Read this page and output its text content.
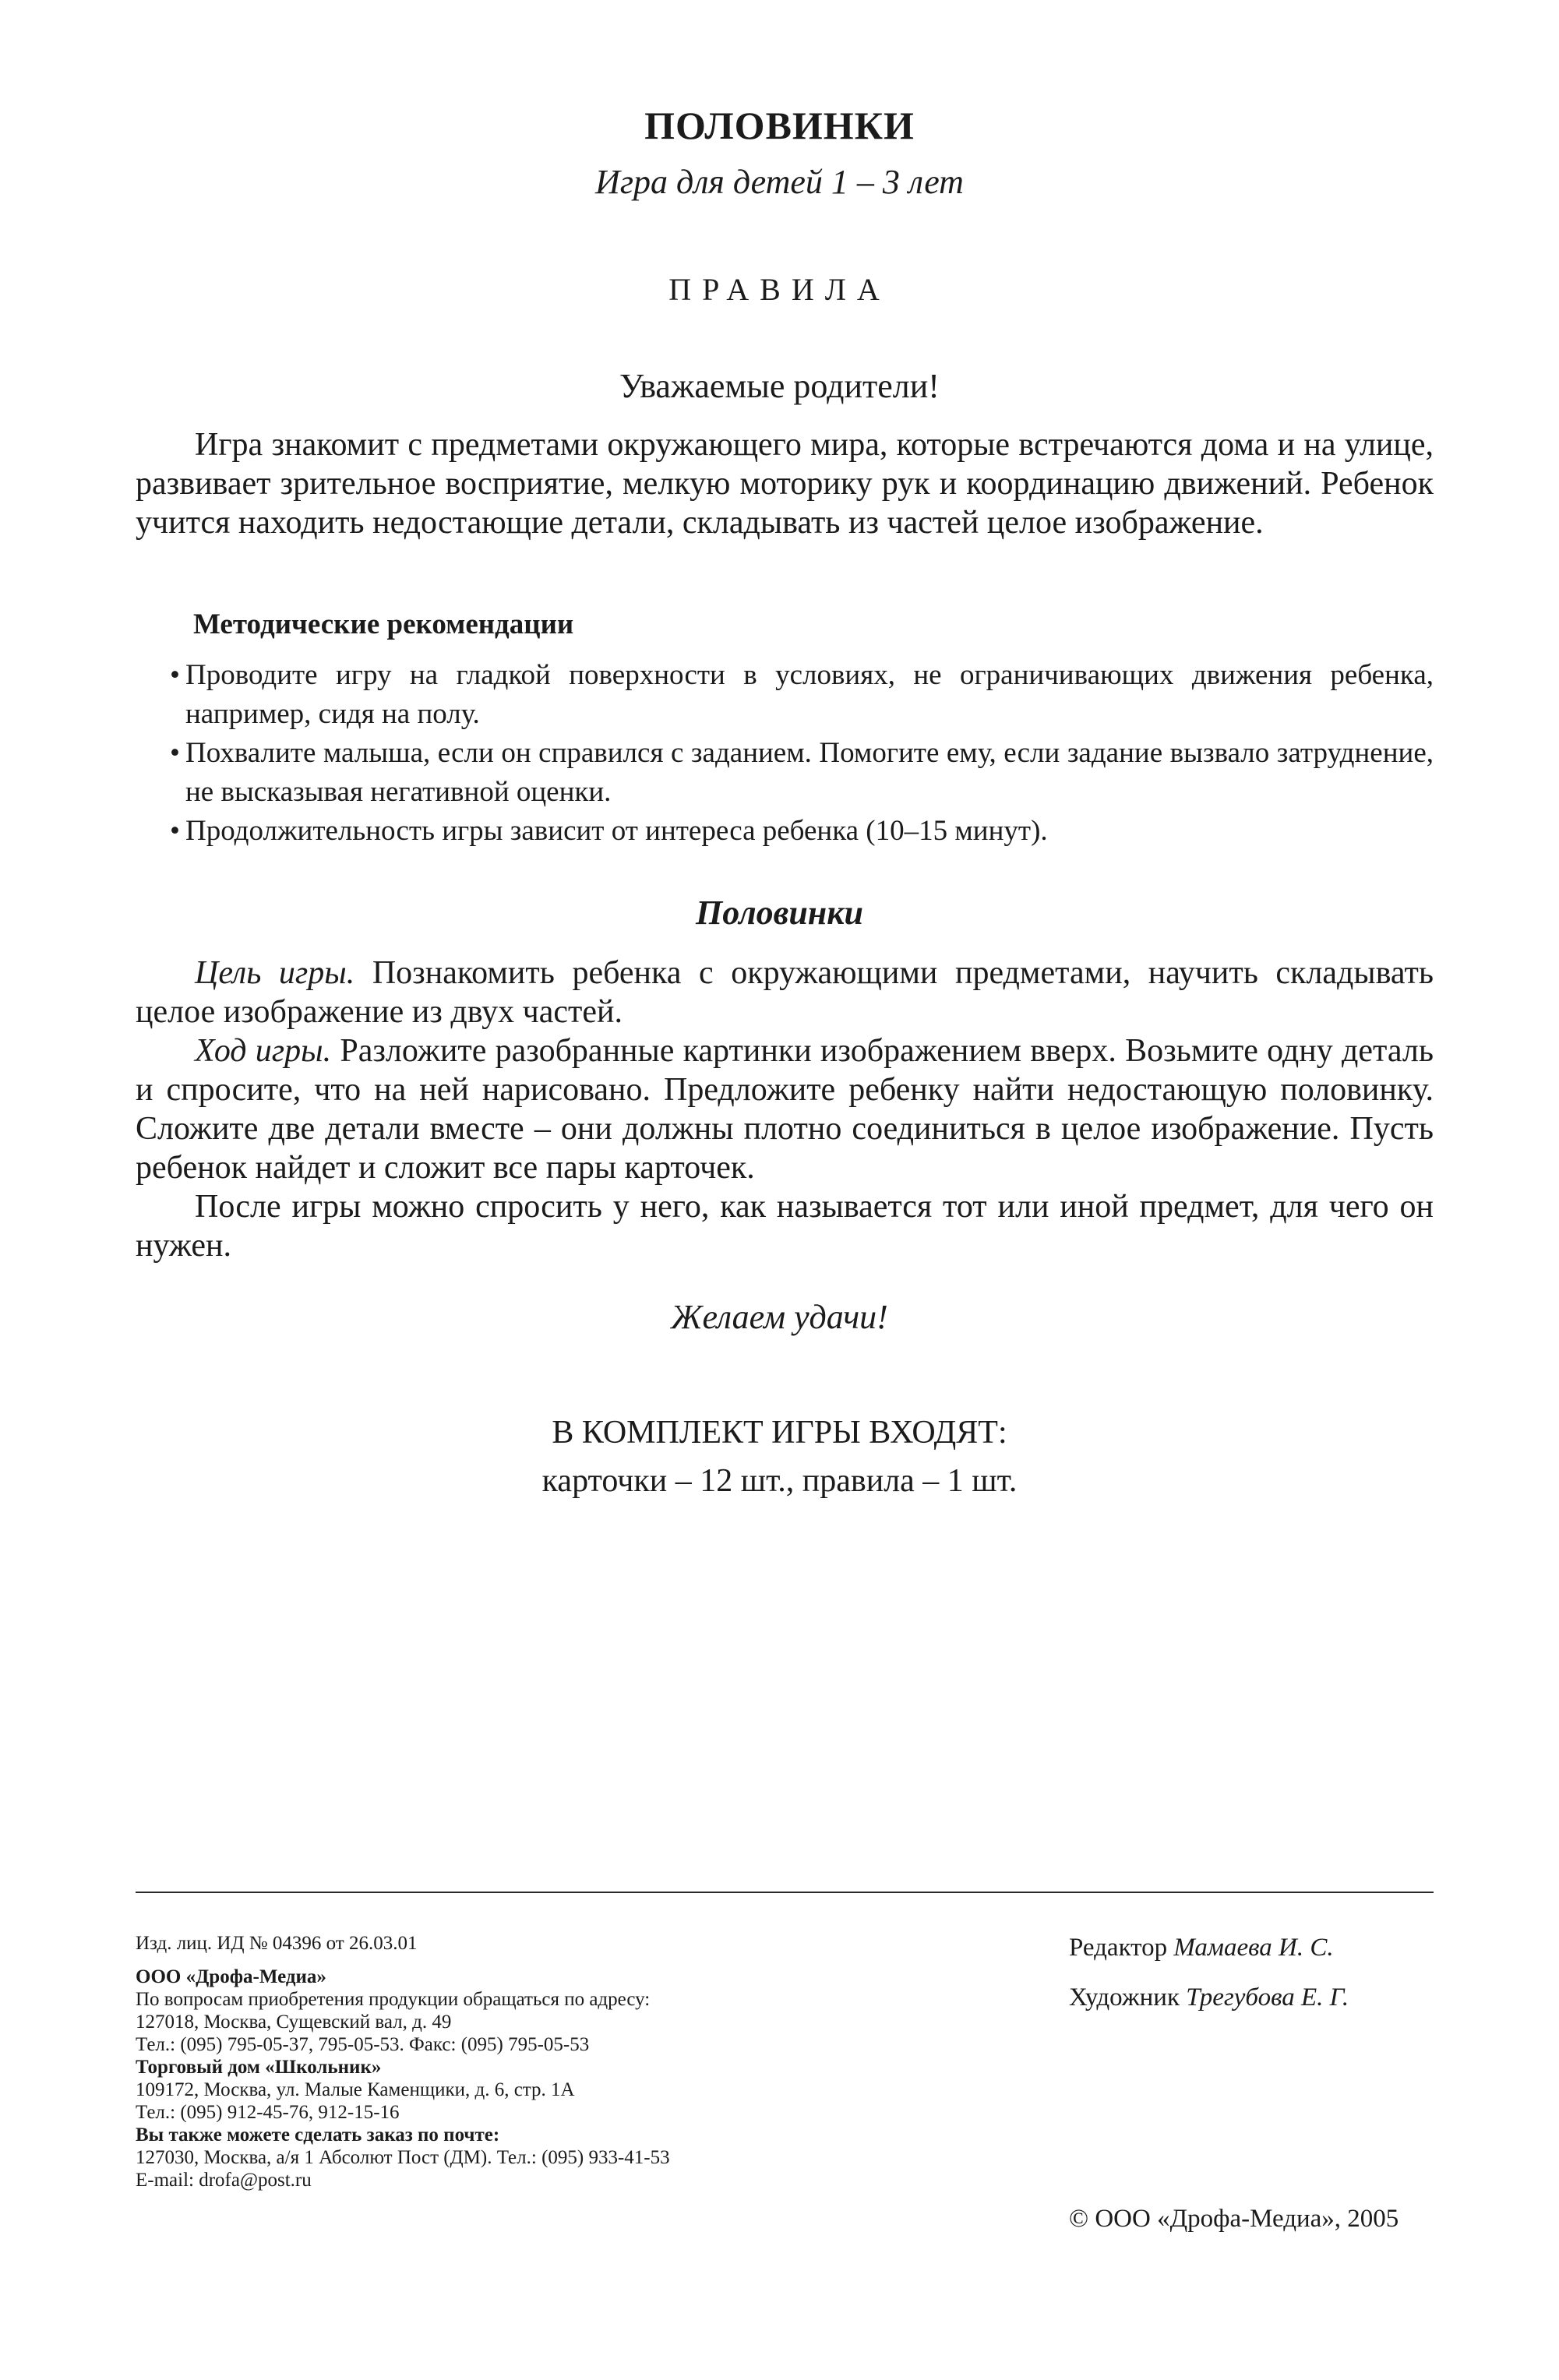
ПОЛОВИНКИ
Игра для детей 1 – 3 лет
ПРАВИЛА
Уважаемые родители!

Игра знакомит с предметами окружающего мира, которые встречаются дома и на улице, развивает зрительное восприятие, мелкую моторику рук и координацию движений. Ребенок учится находить недостающие детали, складывать из частей целое изображение.

Методические рекомендации
• Проводите игру на гладкой поверхности в условиях, не ограничивающих движения ребенка, например, сидя на полу.
• Похвалите малыша, если он справился с заданием. Помогите ему, если задание вызвало затруднение, не высказывая негативной оценки.
• Продолжительность игры зависит от интереса ребенка (10–15 минут).
Половинки

Цель игры. Познакомить ребенка с окружающими предметами, научить складывать целое изображение из двух частей.

Ход игры. Разложите разобранные картинки изображением вверх. Возьмите одну деталь и спросите, что на ней нарисовано. Предложите ребенку найти недостающую половинку. Сложите две детали вместе – они должны плотно соединиться в целое изображение. Пусть ребенок найдет и сложит все пары карточек.

После игры можно спросить у него, как называется тот или иной предмет, для чего он нужен.

Желаем удачи!
В КОМПЛЕКТ ИГРЫ ВХОДЯТ:
карточки – 12 шт., правила – 1 шт.
Изд. лиц. ИД № 04396 от 26.03.01
ООО «Дрофа-Медиа»
По вопросам приобретения продукции обращаться по адресу:
127018, Москва, Сущевский вал, д. 49
Тел.: (095) 795-05-37, 795-05-53. Факс: (095) 795-05-53
Торговый дом «Школьник»
109172, Москва, ул. Малые Каменщики, д. 6, стр. 1А
Тел.: (095) 912-45-76, 912-15-16
Вы также можете сделать заказ по почте:
127030, Москва, а/я 1 Абсолют Пост (ДМ). Тел.: (095) 933-41-53
E-mail: drofa@post.ru
Редактор Мамаева И. С.
Художник Трегубова Е. Г.
© ООО «Дрофа-Медиа», 2005
